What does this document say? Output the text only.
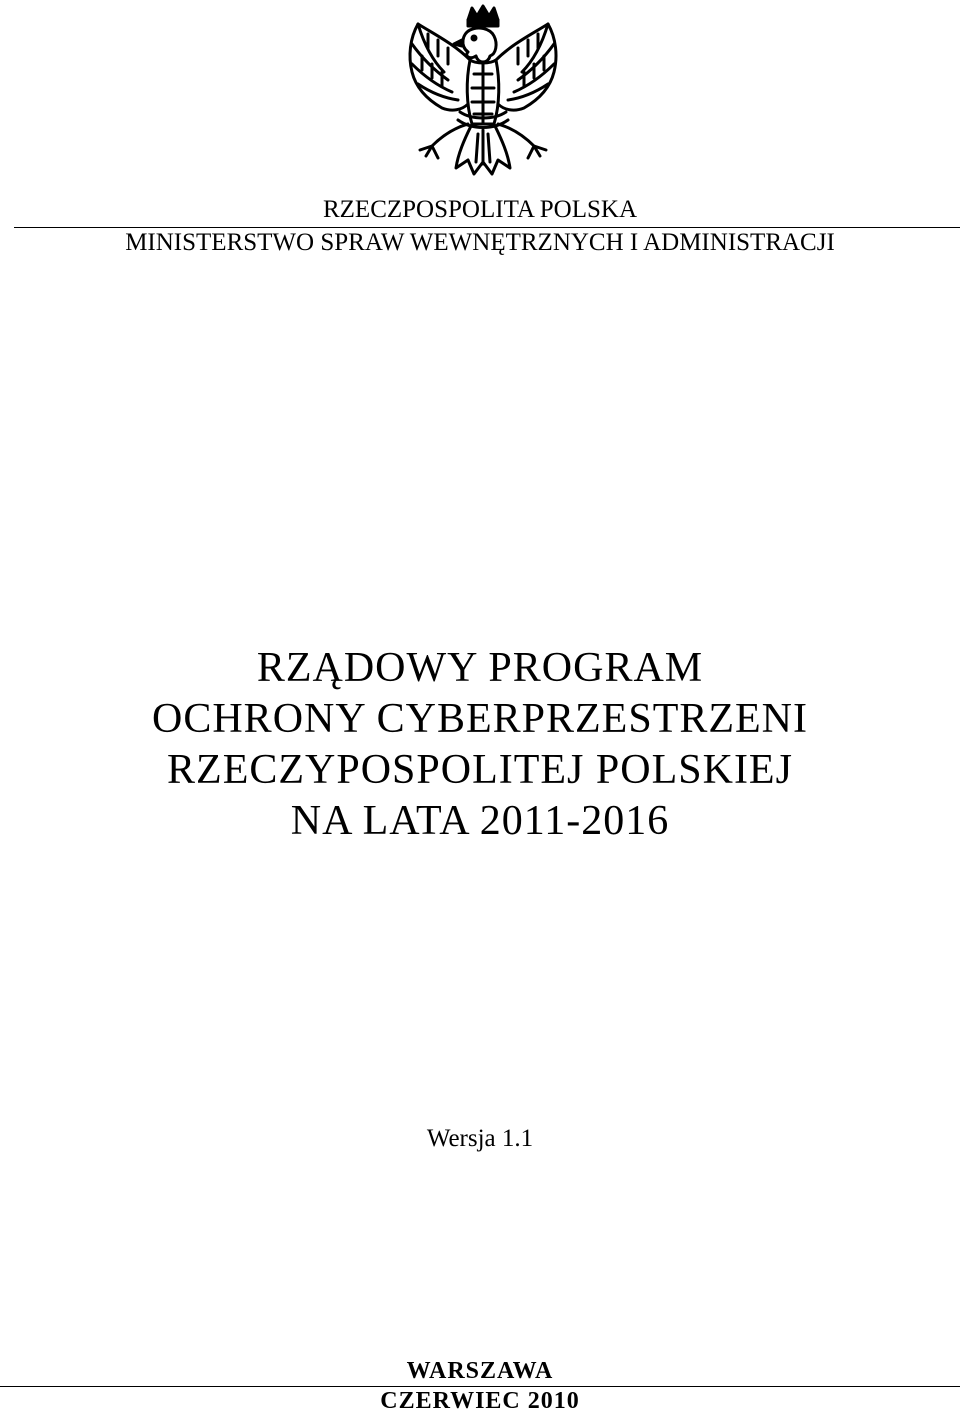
RZECZPOSPOLITA POLSKA
MINISTERSTWO SPRAW WEWNĘTRZNYCH I ADMINISTRACJI
RZĄDOWY PROGRAM
OCHRONY CYBERPRZESTRZENI
RZECZYPOSPOLITEJ POLSKIEJ
NA LATA 2011-2016
Wersja 1.1
WARSZAWA
CZERWIEC 2010
